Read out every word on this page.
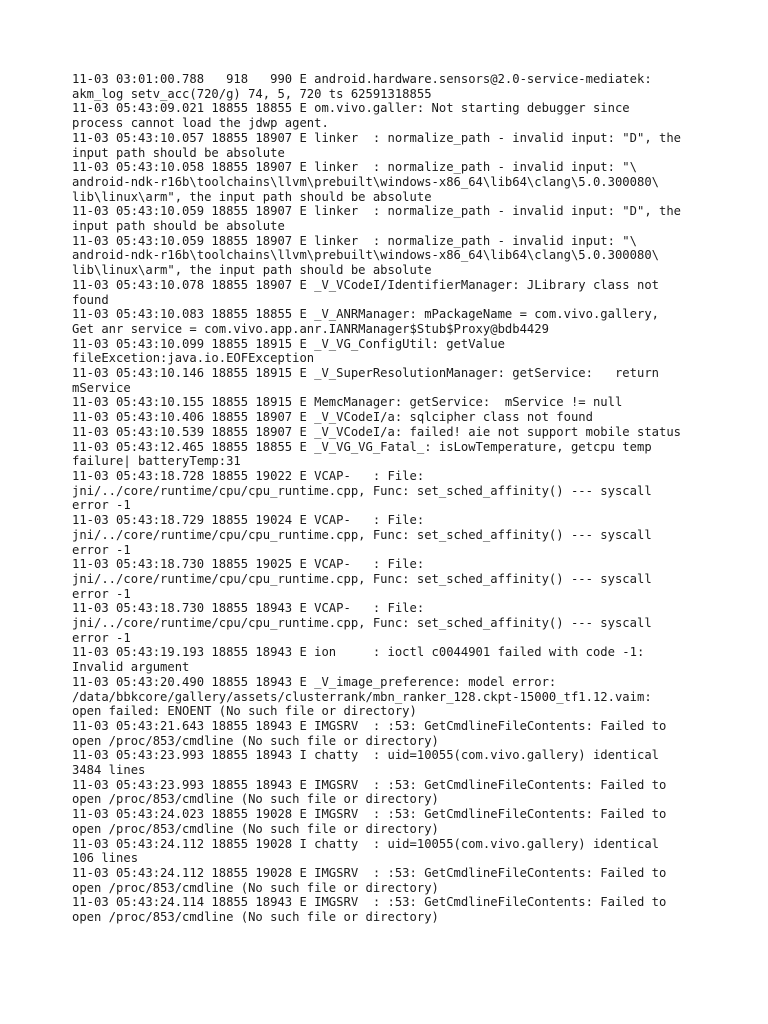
11-03 03:01:00.788   918   990 E android.hardware.sensors@2.0-service-mediatek:
akm_log setv_acc(720/g) 74, 5, 720 ts 62591318855
11-03 05:43:09.021 18855 18855 E om.vivo.galler: Not starting debugger since
process cannot load the jdwp agent.
11-03 05:43:10.057 18855 18907 E linker  : normalize_path - invalid input: "D", the
input path should be absolute
11-03 05:43:10.058 18855 18907 E linker  : normalize_path - invalid input: "\
android-ndk-r16b\toolchains\llvm\prebuilt\windows-x86_64\lib64\clang\5.0.300080\
lib\linux\arm", the input path should be absolute
11-03 05:43:10.059 18855 18907 E linker  : normalize_path - invalid input: "D", the
input path should be absolute
11-03 05:43:10.059 18855 18907 E linker  : normalize_path - invalid input: "\
android-ndk-r16b\toolchains\llvm\prebuilt\windows-x86_64\lib64\clang\5.0.300080\
lib\linux\arm", the input path should be absolute
11-03 05:43:10.078 18855 18907 E _V_VCodeI/IdentifierManager: JLibrary class not
found
11-03 05:43:10.083 18855 18855 E _V_ANRManager: mPackageName = com.vivo.gallery,
Get anr service = com.vivo.app.anr.IANRManager$Stub$Proxy@bdb4429
11-03 05:43:10.099 18855 18915 E _V_VG_ConfigUtil: getValue
fileExcetion:java.io.EOFException
11-03 05:43:10.146 18855 18915 E _V_SuperResolutionManager: getService:   return
mService
11-03 05:43:10.155 18855 18915 E MemcManager: getService:  mService != null
11-03 05:43:10.406 18855 18907 E _V_VCodeI/a: sqlcipher class not found
11-03 05:43:10.539 18855 18907 E _V_VCodeI/a: failed! aie not support mobile status
11-03 05:43:12.465 18855 18855 E _V_VG_VG_Fatal_: isLowTemperature, getcpu temp
failure| batteryTemp:31
11-03 05:43:18.728 18855 19022 E VCAP-   : File:
jni/../core/runtime/cpu/cpu_runtime.cpp, Func: set_sched_affinity() --- syscall
error -1
11-03 05:43:18.729 18855 19024 E VCAP-   : File:
jni/../core/runtime/cpu/cpu_runtime.cpp, Func: set_sched_affinity() --- syscall
error -1
11-03 05:43:18.730 18855 19025 E VCAP-   : File:
jni/../core/runtime/cpu/cpu_runtime.cpp, Func: set_sched_affinity() --- syscall
error -1
11-03 05:43:18.730 18855 18943 E VCAP-   : File:
jni/../core/runtime/cpu/cpu_runtime.cpp, Func: set_sched_affinity() --- syscall
error -1
11-03 05:43:19.193 18855 18943 E ion     : ioctl c0044901 failed with code -1:
Invalid argument
11-03 05:43:20.490 18855 18943 E _V_image_preference: model error:
/data/bbkcore/gallery/assets/clusterrank/mbn_ranker_128.ckpt-15000_tf1.12.vaim:
open failed: ENOENT (No such file or directory)
11-03 05:43:21.643 18855 18943 E IMGSRV  : :53: GetCmdlineFileContents: Failed to
open /proc/853/cmdline (No such file or directory)
11-03 05:43:23.993 18855 18943 I chatty  : uid=10055(com.vivo.gallery) identical
3484 lines
11-03 05:43:23.993 18855 18943 E IMGSRV  : :53: GetCmdlineFileContents: Failed to
open /proc/853/cmdline (No such file or directory)
11-03 05:43:24.023 18855 19028 E IMGSRV  : :53: GetCmdlineFileContents: Failed to
open /proc/853/cmdline (No such file or directory)
11-03 05:43:24.112 18855 19028 I chatty  : uid=10055(com.vivo.gallery) identical
106 lines
11-03 05:43:24.112 18855 19028 E IMGSRV  : :53: GetCmdlineFileContents: Failed to
open /proc/853/cmdline (No such file or directory)
11-03 05:43:24.114 18855 18943 E IMGSRV  : :53: GetCmdlineFileContents: Failed to
open /proc/853/cmdline (No such file or directory)
